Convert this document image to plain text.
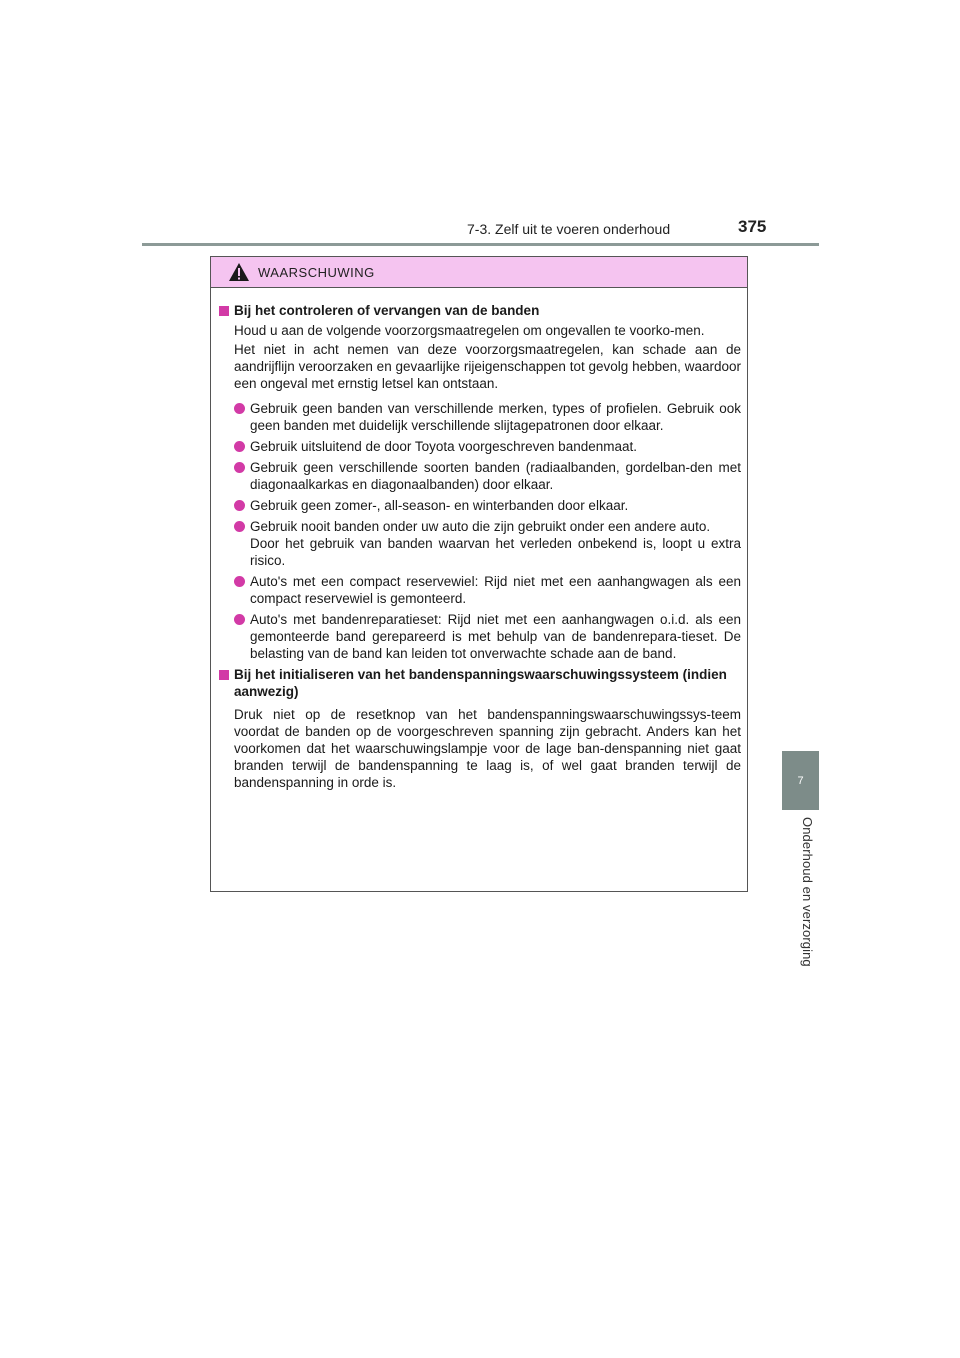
7-3. Zelf uit te voeren onderhoud	375
7
Onderhoud en verzorging
WAARSCHUWING
Bij het controleren of vervangen van de banden
Houd u aan de volgende voorzorgsmaatregelen om ongevallen te voorko-men.
Het niet in acht nemen van deze voorzorgsmaatregelen, kan schade aan de aandrijflijn veroorzaken en gevaarlijke rijeigenschappen tot gevolg hebben, waardoor een ongeval met ernstig letsel kan ontstaan.
Gebruik geen banden van verschillende merken, types of profielen. Gebruik ook geen banden met duidelijk verschillende slijtagepatronen door elkaar.
Gebruik uitsluitend de door Toyota voorgeschreven bandenmaat.
Gebruik geen verschillende soorten banden (radiaalbanden, gordelban-den met diagonaalkarkas en diagonaalbanden) door elkaar.
Gebruik geen zomer-, all-season- en winterbanden door elkaar.
Gebruik nooit banden onder uw auto die zijn gebruikt onder een andere auto.
Door het gebruik van banden waarvan het verleden onbekend is, loopt u extra risico.
Auto's met een compact reservewiel: Rijd niet met een aanhangwagen als een compact reservewiel is gemonteerd.
Auto's met bandenreparatieset: Rijd niet met een aanhangwagen o.i.d. als een gemonteerde band gerepareerd is met behulp van de bandenrepara-tieset. De belasting van de band kan leiden tot onverwachte schade aan de band.
Bij het initialiseren van het bandenspanningswaarschuwingssysteem (indien aanwezig)
Druk niet op de resetknop van het bandenspanningswaarschuwingssys-teem voordat de banden op de voorgeschreven spanning zijn gebracht. Anders kan het voorkomen dat het waarschuwingslampje voor de lage ban-denspanning niet gaat branden terwijl de bandenspanning te laag is, of wel gaat branden terwijl de bandenspanning in orde is.
